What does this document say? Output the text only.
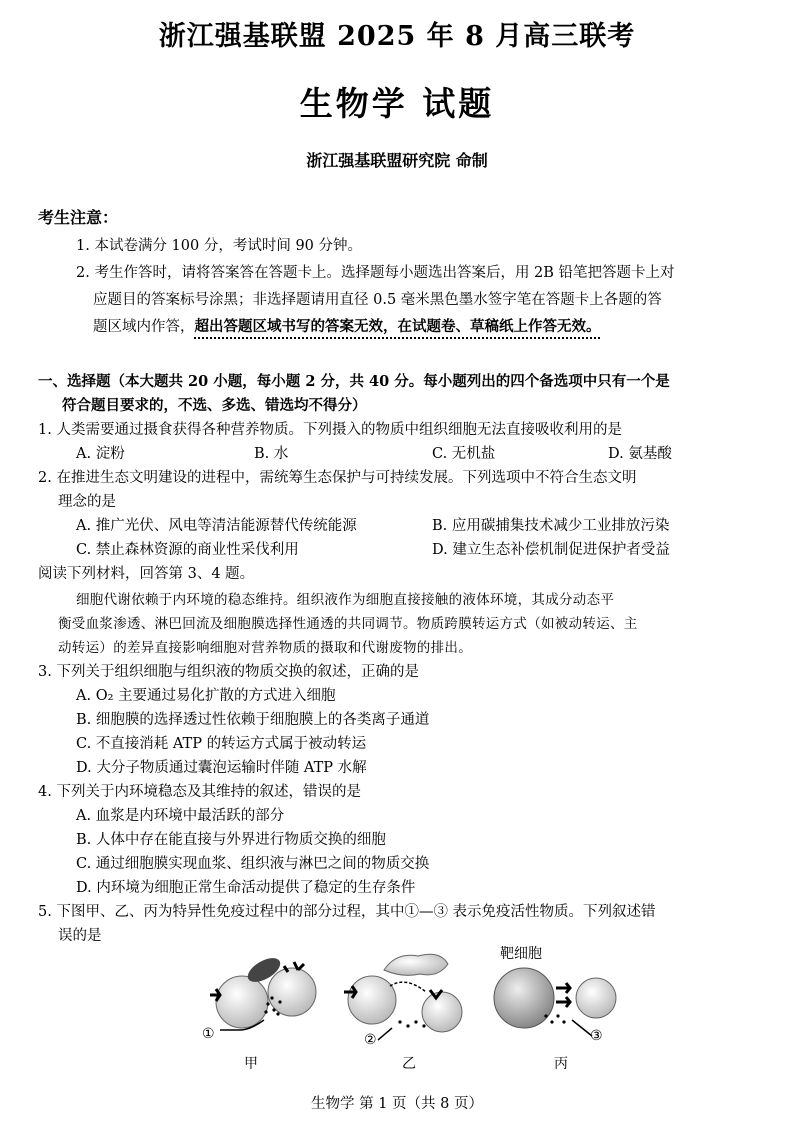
浙江强基联盟 2025 年 8 月高三联考
生物学 试题
浙江强基联盟研究院 命制
考生注意：
1. 本试卷满分 100 分，考试时间 90 分钟。
2. 考生作答时，请将答案答在答题卡上。选择题每小题选出答案后，用 2B 铅笔把答题卡上对
应题目的答案标号涂黑；非选择题请用直径 0.5 毫米黑色墨水签字笔在答题卡上各题的答
题区域内作答，超出答题区域书写的答案无效，在试题卷、草稿纸上作答无效。
一、选择题（本大题共 20 小题，每小题 2 分，共 40 分。每小题列出的四个备选项中只有一个是
符合题目要求的，不选、多选、错选均不得分）
1. 人类需要通过摄食获得各种营养物质。下列摄入的物质中组织细胞无法直接吸收利用的是
A. 淀粉	B. 水	C. 无机盐	D. 氨基酸
2. 在推进生态文明建设的进程中，需统筹生态保护与可持续发展。下列选项中不符合生态文明
理念的是
A. 推广光伏、风电等清洁能源替代传统能源	B. 应用碳捕集技术减少工业排放污染
C. 禁止森林资源的商业性采伐利用	D. 建立生态补偿机制促进保护者受益
阅读下列材料，回答第 3、4 题。
细胞代谢依赖于内环境的稳态维持。组织液作为细胞直接接触的液体环境，其成分动态平
衡受血浆渗透、淋巴回流及细胞膜选择性通透的共同调节。物质跨膜转运方式（如被动转运、主
动转运）的差异直接影响细胞对营养物质的摄取和代谢废物的排出。
3. 下列关于组织细胞与组织液的物质交换的叙述，正确的是
A. O₂ 主要通过易化扩散的方式进入细胞
B. 细胞膜的选择透过性依赖于细胞膜上的各类离子通道
C. 不直接消耗 ATP 的转运方式属于被动转运
D. 大分子物质通过囊泡运输时伴随 ATP 水解
4. 下列关于内环境稳态及其维持的叙述，错误的是
A. 血浆是内环境中最活跃的部分
B. 人体中存在能直接与外界进行物质交换的细胞
C. 通过细胞膜实现血浆、组织液与淋巴之间的物质交换
D. 内环境为细胞正常生命活动提供了稳定的生存条件
5. 下图甲、乙、丙为特异性免疫过程中的部分过程，其中①—③ 表示免疫活性物质。下列叙述错
误的是
①
甲
②
乙
靶细胞
③
丙
生物学 第 1 页（共 8 页）
